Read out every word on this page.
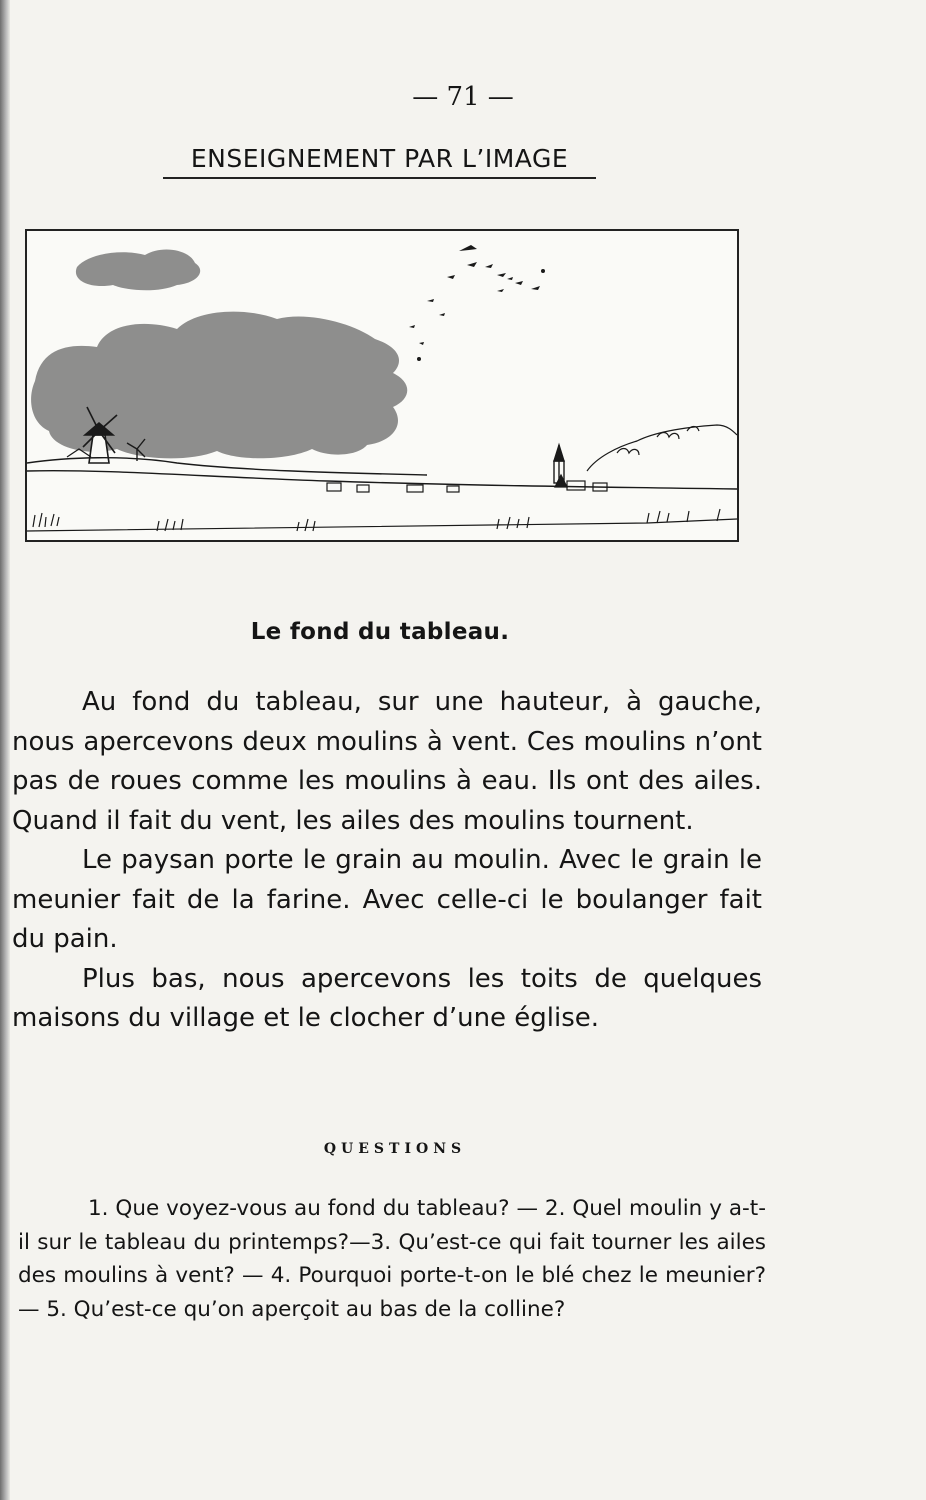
— 71 —
ENSEIGNEMENT PAR L’IMAGE
Le fond du tableau.

Au fond du tableau, sur une hauteur, à gauche, nous apercevons deux moulins à vent. Ces moulins n’ont pas de roues comme les moulins à eau. Ils ont des ailes. Quand il fait du vent, les ailes des moulins tournent.

Le paysan porte le grain au moulin. Avec le grain le meunier fait de la farine. Avec celle-ci le boulanger fait du pain.

Plus bas, nous apercevons les toits de quelques maisons du village et le clocher d’une église.

QUESTIONS

1. Que voyez-vous au fond du tableau? — 2. Quel moulin y a-t-il sur le tableau du printemps?—3. Qu’est-ce qui fait tourner les ailes des moulins à vent? — 4. Pourquoi porte-t-on le blé chez le meunier? — 5. Qu’est-ce qu’on aperçoit au bas de la colline?
